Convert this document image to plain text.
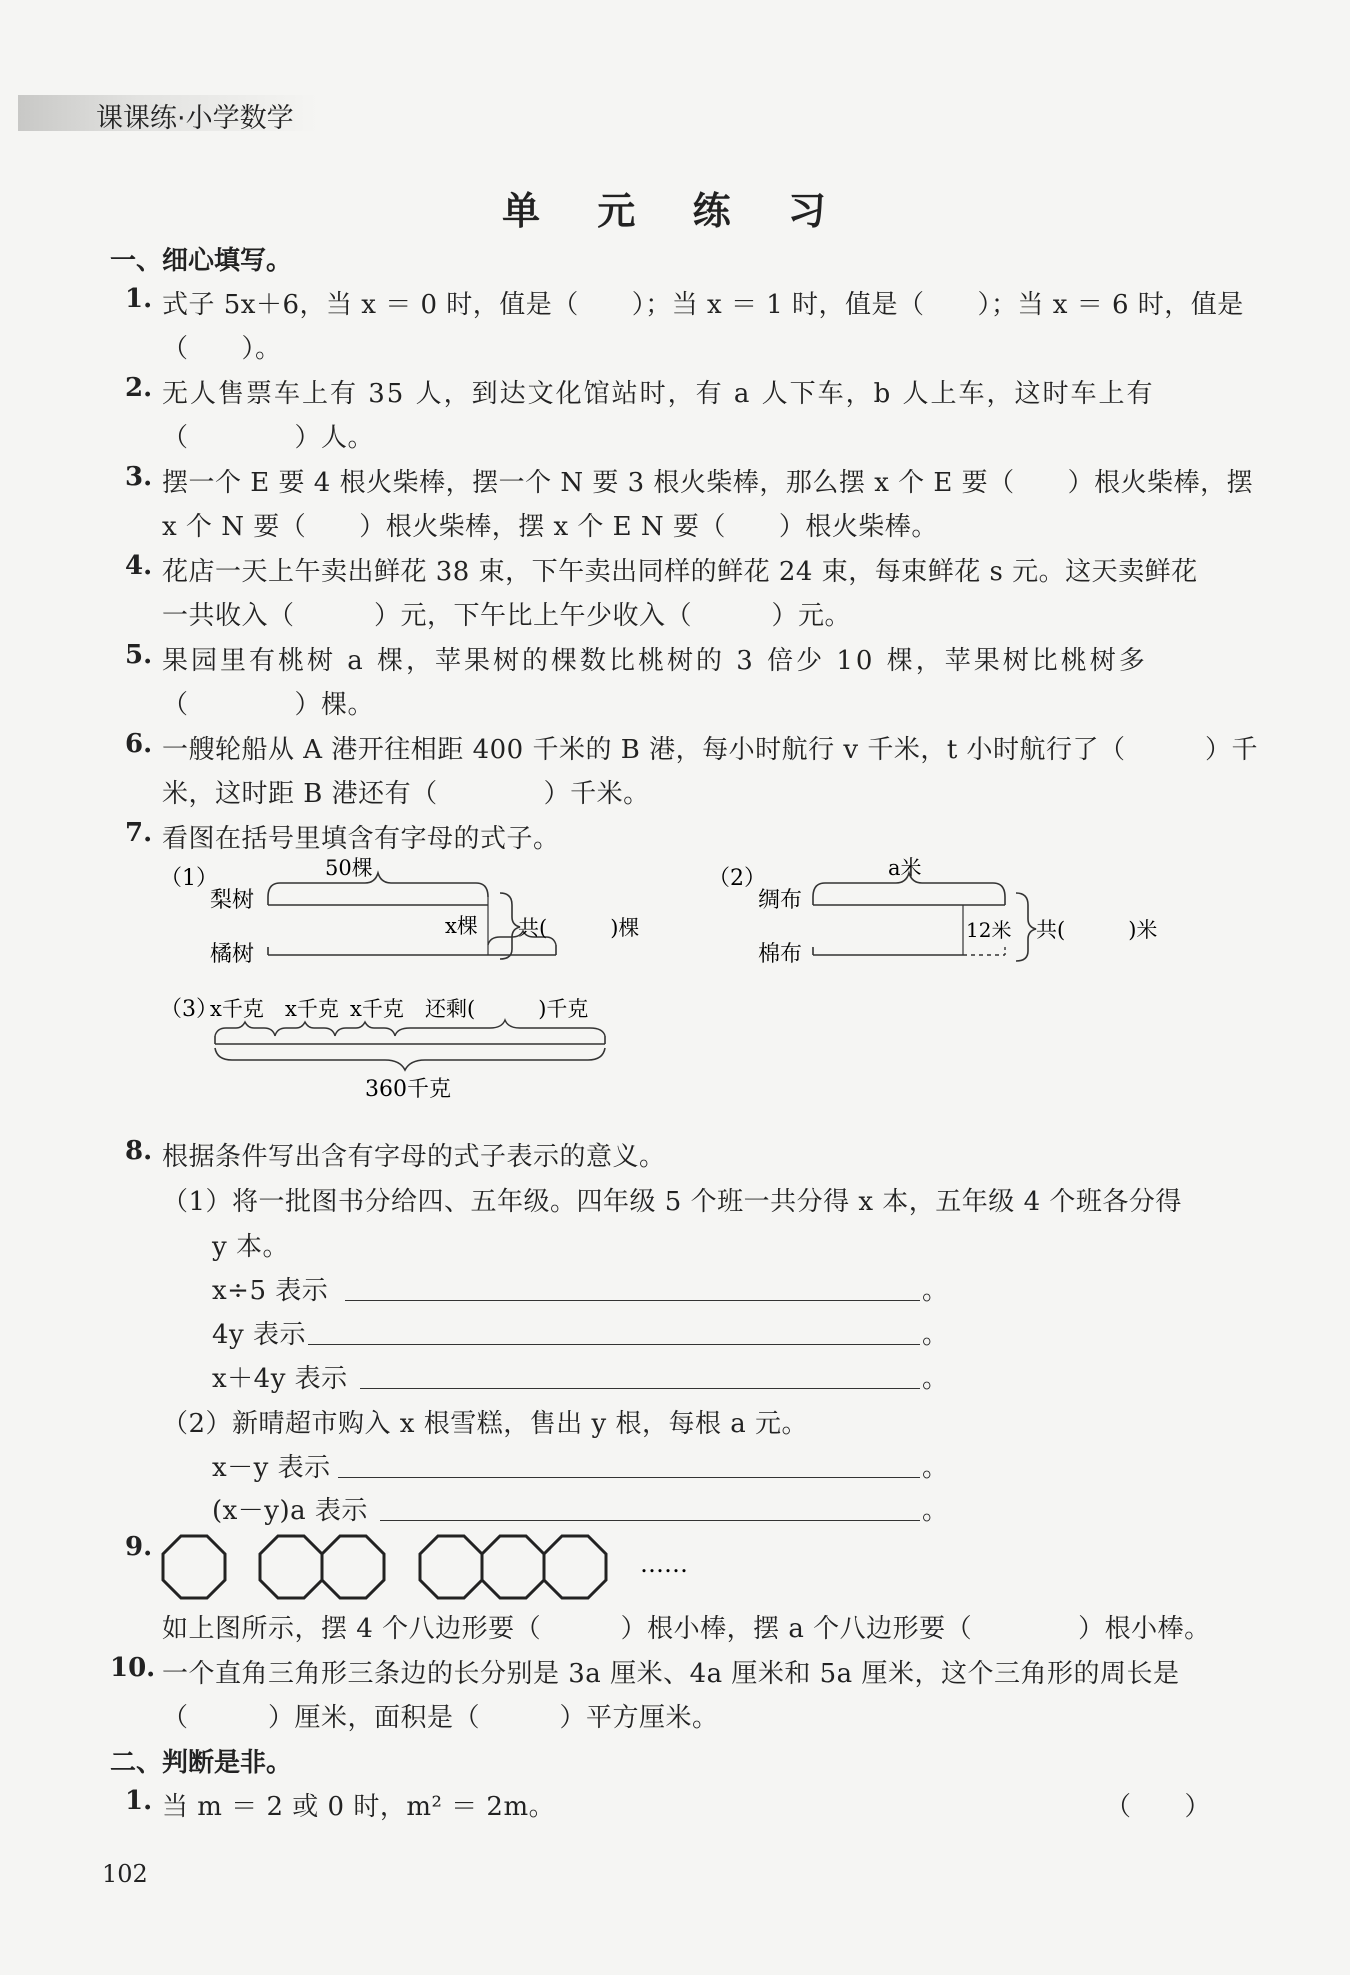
课课练·小学数学
单 元 练 习
一、细心填写。
1. 式子 5x＋6，当 x ＝ 0 时，值是（　　）；当 x ＝ 1 时，值是（　　）；当 x ＝ 6 时，值是
（　　）。
2. 无人售票车上有 35 人，到达文化馆站时，有 a 人下车，b 人上车，这时车上有
（　　　　）人。
3. 摆一个 E 要 4 根火柴棒，摆一个 N 要 3 根火柴棒，那么摆 x 个 E 要（　　）根火柴棒，摆
x 个 N 要（　　）根火柴棒，摆 x 个 E N 要（　　）根火柴棒。
4. 花店一天上午卖出鲜花 38 束，下午卖出同样的鲜花 24 束，每束鲜花 s 元。这天卖鲜花
一共收入（　　　）元，下午比上午少收入（　　　）元。
5. 果园里有桃树 a 棵，苹果树的棵数比桃树的 3 倍少 10 棵，苹果树比桃树多
（　　　　）棵。
6. 一艘轮船从 A 港开往相距 400 千米的 B 港，每小时航行 v 千米，t 小时航行了（　　　）千
米，这时距 B 港还有（　　　　）千米。
7. 看图在括号里填含有字母的式子。
（1）	50棵
梨树
x棵
橘树
共(　　　)棵
（2）	a米
绸布
12米
棉布
共(　　　)米
（3）
x千克 x千克 x千克 还剩(　　　)千克
360千克
8. 根据条件写出含有字母的式子表示的意义。
（1）将一批图书分给四、五年级。四年级 5 个班一共分得 x 本，五年级 4 个班各分得
y 本。
x÷5 表示	。
4y 表示	。
x＋4y 表示	。
（2）新晴超市购入 x 根雪糕，售出 y 根，每根 a 元。
x－y 表示	。
(x－y)a 表示	。
9.
……
如上图所示，摆 4 个八边形要（　　　）根小棒，摆 a 个八边形要（　　　　）根小棒。
10. 一个直角三角形三条边的长分别是 3a 厘米、4a 厘米和 5a 厘米，这个三角形的周长是
（　　　）厘米，面积是（　　　）平方厘米。
二、判断是非。
1. 当 m ＝ 2 或 0 时，m² ＝ 2m。	（　　）
102
